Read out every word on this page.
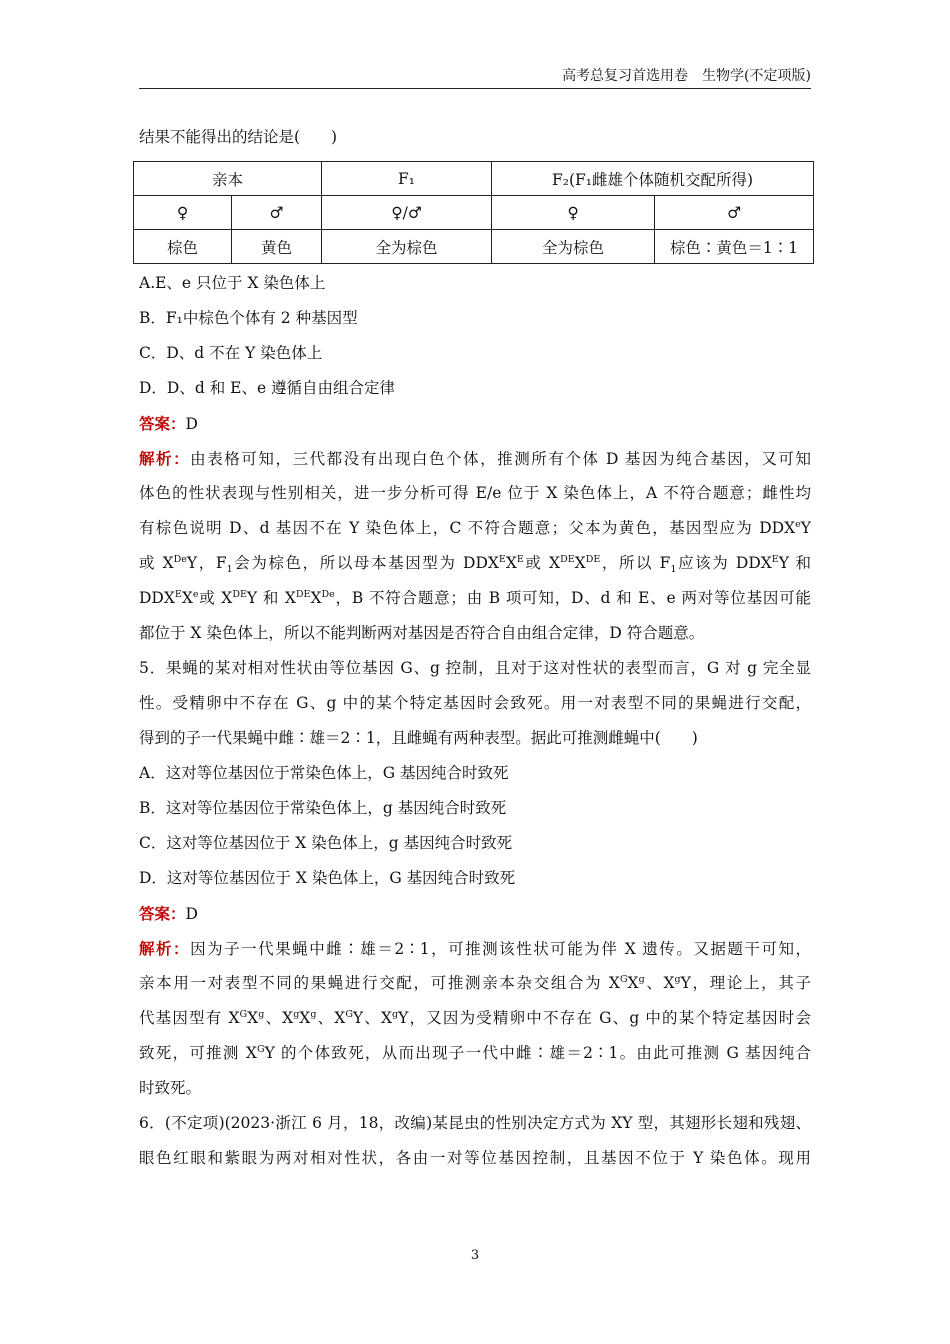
高考总复习首选用卷　生物学(不定项版)
结果不能得出的结论是(　　)
亲本		F₁	F₂(F₁雌雄个体随机交配所得)	
♀	♂	♀/♂	♀	♂
棕色	黄色	全为棕色	全为棕色	棕色∶黄色＝1∶1
A.E、e 只位于 X 染色体上
B．F₁中棕色个体有 2 种基因型
C．D、d 不在 Y 染色体上
D．D、d 和 E、e 遵循自由组合定律
答案：D
解析：由表格可知，三代都没有出现白色个体，推测所有个体 D 基因为纯合基因，又可知
体色的性状表现与性别相关，进一步分析可得 E/e 位于 X 染色体上，A 不符合题意；雌性均
有棕色说明 D、d 基因不在 Y 染色体上，C 不符合题意；父本为黄色，基因型应为 DDXeY
或 XDeY，$F_1$会为棕色，所以母本基因型为 $DDX^EX^E$或 XDEXDE，所以 $F_1$应该为 $DDX^EY$ 和
$DDX^EXe$或 XDEY 和 XDEXDe，B 不符合题意；由 B 项可知，D、d 和 E、e 两对等位基因可能
都位于 X 染色体上，所以不能判断两对基因是否符合自由组合定律，D 符合题意。
5．果蝇的某对相对性状由等位基因 G、g 控制，且对于这对性状的表型而言，G 对 g 完全显
性。受精卵中不存在 G、g 中的某个特定基因时会致死。用一对表型不同的果蝇进行交配，
得到的子一代果蝇中雌∶雄＝2∶1，且雌蝇有两种表型。据此可推测雌蝇中(　　)
A．这对等位基因位于常染色体上，G 基因纯合时致死
B．这对等位基因位于常染色体上，g 基因纯合时致死
C．这对等位基因位于 X 染色体上，g 基因纯合时致死
D．这对等位基因位于 X 染色体上，G 基因纯合时致死
答案：D
解析：因为子一代果蝇中雌∶雄＝2∶1，可推测该性状可能为伴 X 遗传。又据题干可知，
亲本用一对表型不同的果蝇进行交配，可推测亲本杂交组合为 $X^GX^g$、$X^gY$，理论上，其子
代基因型有 $X^GX^g$、$X^gX^g$、$X^GY$、$X^gY$，又因为受精卵中不存在 G、g 中的某个特定基因时会
致死，可推测 $X^GY$ 的个体致死，从而出现子一代中雌∶雄＝2∶1。由此可推测 G 基因纯合
时致死。
6．(不定项)(2023·浙江 6 月，18，改编)某昆虫的性别决定方式为 XY 型，其翅形长翅和残翅、
眼色红眼和紫眼为两对相对性状，各由一对等位基因控制，且基因不位于 Y 染色体。现用
3
